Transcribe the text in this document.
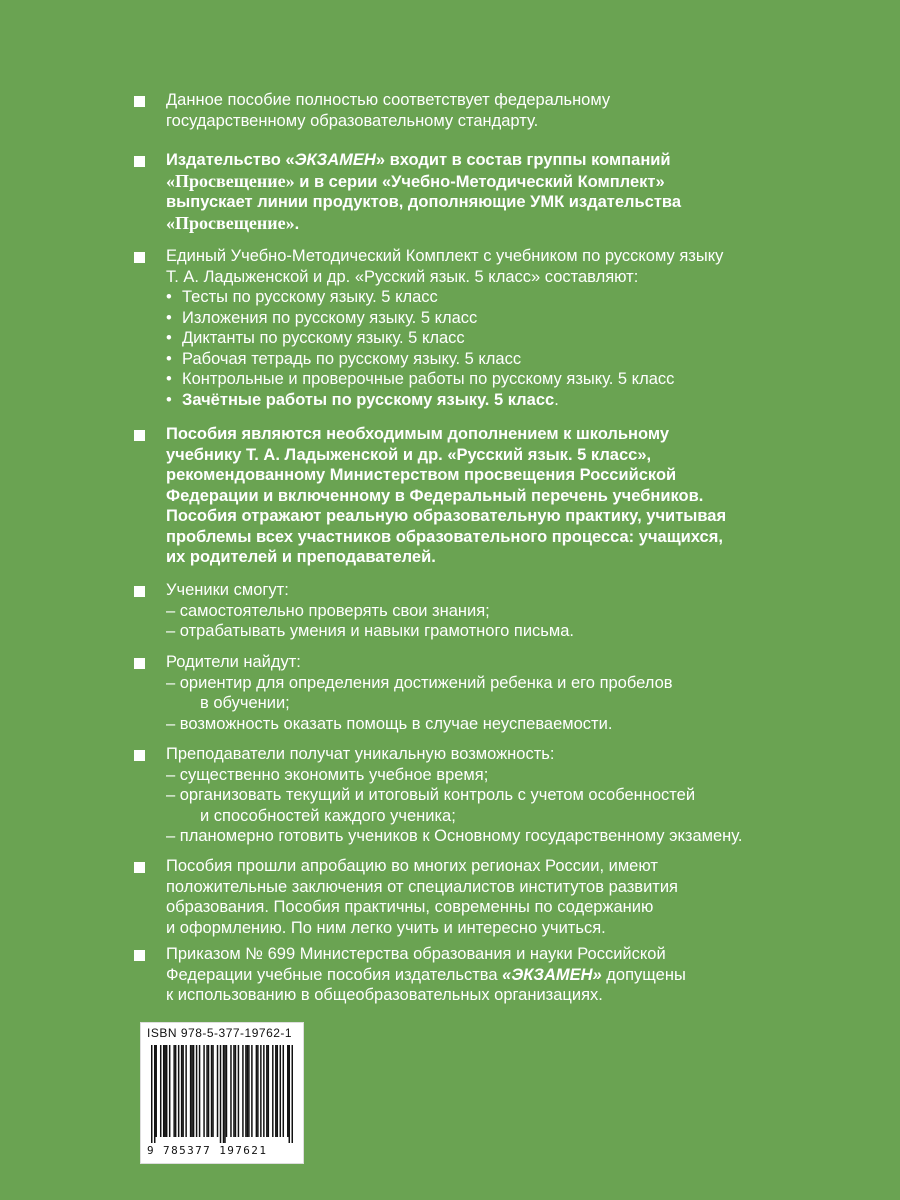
Данное пособие полностью соответствует федеральному

государственному образовательному стандарту.

Издательство «ЭКЗАМЕН» входит в состав группы компаний

«Просвещение» и в серии «Учебно-Методический Комплект»

выпускает линии продуктов, дополняющие УМК издательства

«Просвещение».

Единый Учебно-Методический Комплект с учебником по русскому языку

Т. А. Ладыженской и др. «Русский язык. 5 класс» составляют:

• Тесты по русскому языку. 5 класс

• Изложения по русскому языку. 5 класс

• Диктанты по русскому языку. 5 класс

• Рабочая тетрадь по русскому языку. 5 класс

• Контрольные и проверочные работы по русскому языку. 5 класс

• Зачётные работы по русскому языку. 5 класс.

Пособия являются необходимым дополнением к школьному

учебнику Т. А. Ладыженской и др. «Русский язык. 5 класс»,

рекомендованному Министерством просвещения Российской

Федерации и включенному в Федеральный перечень учебников.

Пособия отражают реальную образовательную практику, учитывая

проблемы всех участников образовательного процесса: учащихся,

их родителей и преподавателей.

Ученики смогут:

– самостоятельно проверять свои знания;

– отрабатывать умения и навыки грамотного письма.

Родители найдут:

– ориентир для определения достижений ребенка и его пробелов

в обучении;

– возможность оказать помощь в случае неуспеваемости.

Преподаватели получат уникальную возможность:

– существенно экономить учебное время;

– организовать текущий и итоговый контроль с учетом особенностей

и способностей каждого ученика;

– планомерно готовить учеников к Основному государственному экзамену.

Пособия прошли апробацию во многих регионах России, имеют

положительные заключения от специалистов институтов развития

образования. Пособия практичны, современны по содержанию

и оформлению. По ним легко учить и интересно учиться.

Приказом № 699 Министерства образования и науки Российской

Федерации учебные пособия издательства «ЭКЗАМЕН» допущены

к использованию в общеобразовательных организациях.

ISBN 978-5-377-19762-1
9 785377 197621
